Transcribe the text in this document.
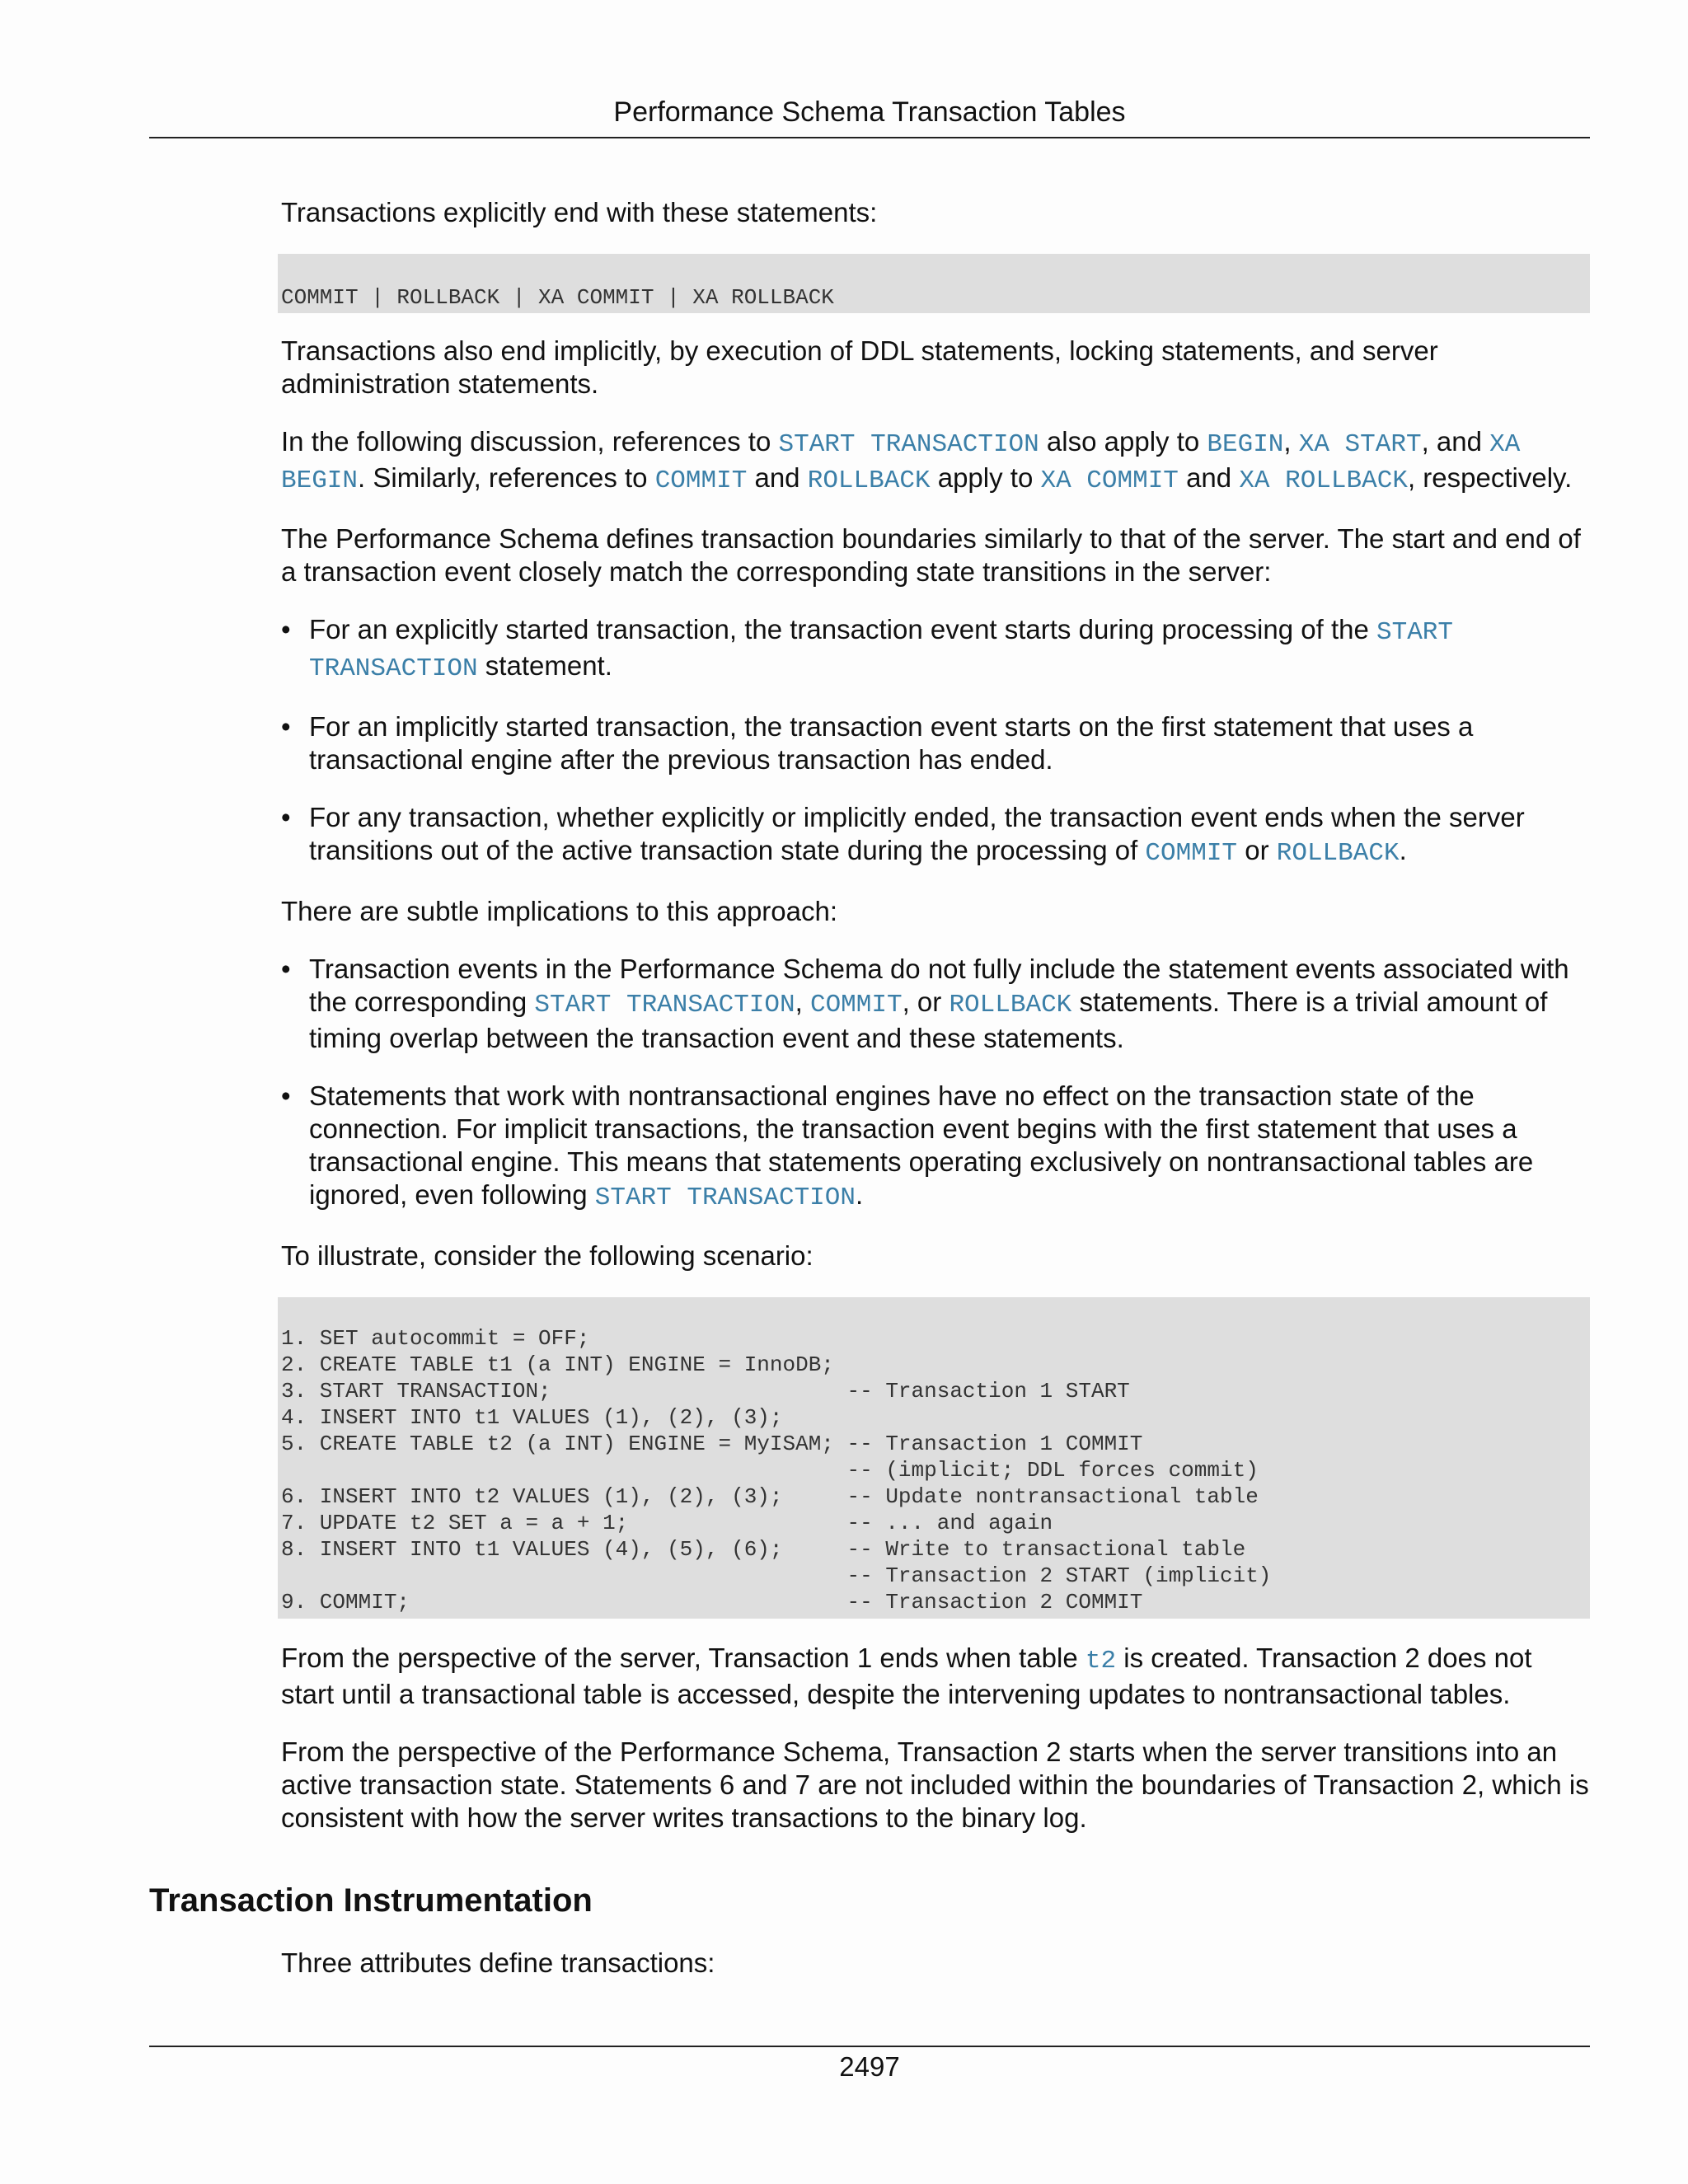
Performance Schema Transaction Tables

Transactions explicitly end with these statements:

COMMIT | ROLLBACK | XA COMMIT | XA ROLLBACK

Transactions also end implicitly, by execution of DDL statements, locking statements, and server administration statements.

In the following discussion, references to START TRANSACTION also apply to BEGIN, XA START, and XA BEGIN. Similarly, references to COMMIT and ROLLBACK apply to XA COMMIT and XA ROLLBACK, respectively.

The Performance Schema defines transaction boundaries similarly to that of the server. The start and end of a transaction event closely match the corresponding state transitions in the server:

• For an explicitly started transaction, the transaction event starts during processing of the START TRANSACTION statement.
• For an implicitly started transaction, the transaction event starts on the first statement that uses a transactional engine after the previous transaction has ended.
• For any transaction, whether explicitly or implicitly ended, the transaction event ends when the server transitions out of the active transaction state during the processing of COMMIT or ROLLBACK.

There are subtle implications to this approach:

• Transaction events in the Performance Schema do not fully include the statement events associated with the corresponding START TRANSACTION, COMMIT, or ROLLBACK statements. There is a trivial amount of timing overlap between the transaction event and these statements.
• Statements that work with nontransactional engines have no effect on the transaction state of the connection. For implicit transactions, the transaction event begins with the first statement that uses a transactional engine. This means that statements operating exclusively on nontransactional tables are ignored, even following START TRANSACTION.

To illustrate, consider the following scenario:

1. SET autocommit = OFF;
2. CREATE TABLE t1 (a INT) ENGINE = InnoDB;
3. START TRANSACTION;                       -- Transaction 1 START
4. INSERT INTO t1 VALUES (1), (2), (3);
5. CREATE TABLE t2 (a INT) ENGINE = MyISAM; -- Transaction 1 COMMIT
-- (implicit; DDL forces commit)
6. INSERT INTO t2 VALUES (1), (2), (3);     -- Update nontransactional table
7. UPDATE t2 SET a = a + 1;                 -- ... and again
8. INSERT INTO t1 VALUES (4), (5), (6);     -- Write to transactional table
-- Transaction 2 START (implicit)
9. COMMIT;                                  -- Transaction 2 COMMIT

From the perspective of the server, Transaction 1 ends when table t2 is created. Transaction 2 does not start until a transactional table is accessed, despite the intervening updates to nontransactional tables.

From the perspective of the Performance Schema, Transaction 2 starts when the server transitions into an active transaction state. Statements 6 and 7 are not included within the boundaries of Transaction 2, which is consistent with how the server writes transactions to the binary log.

Transaction Instrumentation

Three attributes define transactions:

2497
